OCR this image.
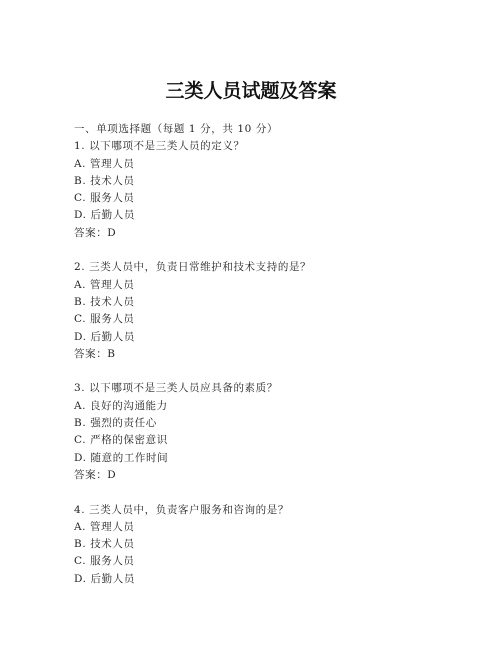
三类人员试题及答案
一、单项选择题（每题 1 分，共 10 分）
1. 以下哪项不是三类人员的定义？
A. 管理人员
B. 技术人员
C. 服务人员
D. 后勤人员
答案：D
2. 三类人员中，负责日常维护和技术支持的是？
A. 管理人员
B. 技术人员
C. 服务人员
D. 后勤人员
答案：B
3. 以下哪项不是三类人员应具备的素质？
A. 良好的沟通能力
B. 强烈的责任心
C. 严格的保密意识
D. 随意的工作时间
答案：D
4. 三类人员中，负责客户服务和咨询的是？
A. 管理人员
B. 技术人员
C. 服务人员
D. 后勤人员
